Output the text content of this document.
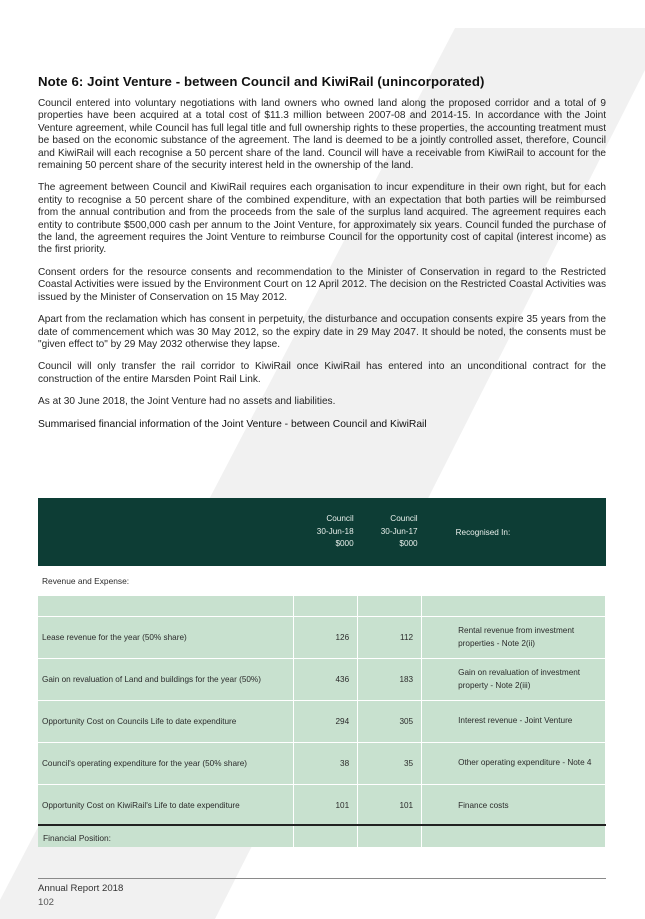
Note 6: Joint Venture - between Council and KiwiRail (unincorporated)

Council entered into voluntary negotiations with land owners who owned land along the proposed corridor and a total of 9 properties have been acquired at a total cost of $11.3 million between 2007-08 and 2014-15. In accordance with the Joint Venture agreement, while Council has full legal title and full ownership rights to these properties, the accounting treatment must be based on the economic substance of the agreement. The land is deemed to be a jointly controlled asset, therefore, Council and KiwiRail will each recognise a 50 percent share of the land. Council will have a receivable from KiwiRail to account for the remaining 50 percent share of the security interest held in the ownership of the land.

The agreement between Council and KiwiRail requires each organisation to incur expenditure in their own right, but for each entity to recognise a 50 percent share of the combined expenditure, with an expectation that both parties will be reimbursed from the annual contribution and from the proceeds from the sale of the surplus land acquired. The agreement requires each entity to contribute $500,000 cash per annum to the Joint Venture, for approximately six years. Council funded the purchase of the land, the agreement requires the Joint Venture to reimburse Council for the opportunity cost of capital (interest income) as the first priority.

Consent orders for the resource consents and recommendation to the Minister of Conservation in regard to the Restricted Coastal Activities were issued by the Environment Court on 12 April 2012. The decision on the Restricted Coastal Activities was issued by the Minister of Conservation on 15 May 2012.

Apart from the reclamation which has consent in perpetuity, the disturbance and occupation consents expire 35 years from the date of commencement which was 30 May 2012, so the expiry date in 29 May 2047. It should be noted, the consents must be "given effect to" by 29 May 2032 otherwise they lapse.

Council will only transfer the rail corridor to KiwiRail once KiwiRail has entered into an unconditional contract for the construction of the entire Marsden Point Rail Link.

As at 30 June 2018, the Joint Venture had no assets and liabilities.

Summarised financial information of the Joint Venture - between Council and KiwiRail
	Council
30-Jun-18
$000	Council
30-Jun-17
$000	Recognised In:
Revenue and Expense:			

Lease revenue for the year (50% share)	126	112	Rental revenue from investment properties - Note 2(ii)
Gain on revaluation of Land and buildings for the year (50%)	436	183	Gain on revaluation of investment property - Note 2(iii)
Opportunity Cost on Councils Life to date expenditure	294	305	Interest revenue - Joint Venture
Council's operating expenditure for the year (50% share)	38	35	Other operating expenditure - Note 4
Opportunity Cost on KiwiRail's Life to date expenditure	101	101	Finance costs

Financial Position:
Annual Report 2018
102
